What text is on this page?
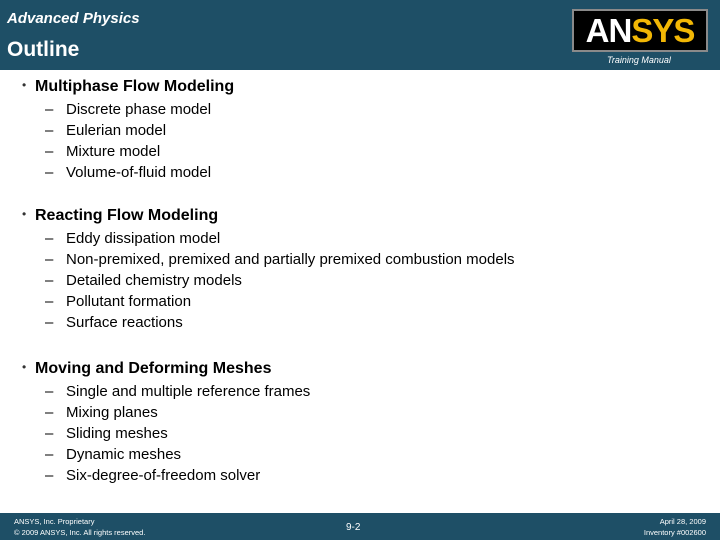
Advanced Physics
Outline
AN SYS
Training Manual
• Multiphase Flow Modeling
– Discrete phase model
– Eulerian model
– Mixture model
– Volume-of-fluid model
• Reacting Flow Modeling
– Eddy dissipation model
– Non-premixed, premixed and partially premixed combustion models
– Detailed chemistry models
– Pollutant formation
– Surface reactions
• Moving and Deforming Meshes
– Single and multiple reference frames
– Mixing planes
– Sliding meshes
– Dynamic meshes
– Six-degree-of-freedom solver
ANSYS, Inc. Proprietary
© 2009 ANSYS, Inc. All rights reserved.	9-2
April 28, 2009
Inventory #002600
